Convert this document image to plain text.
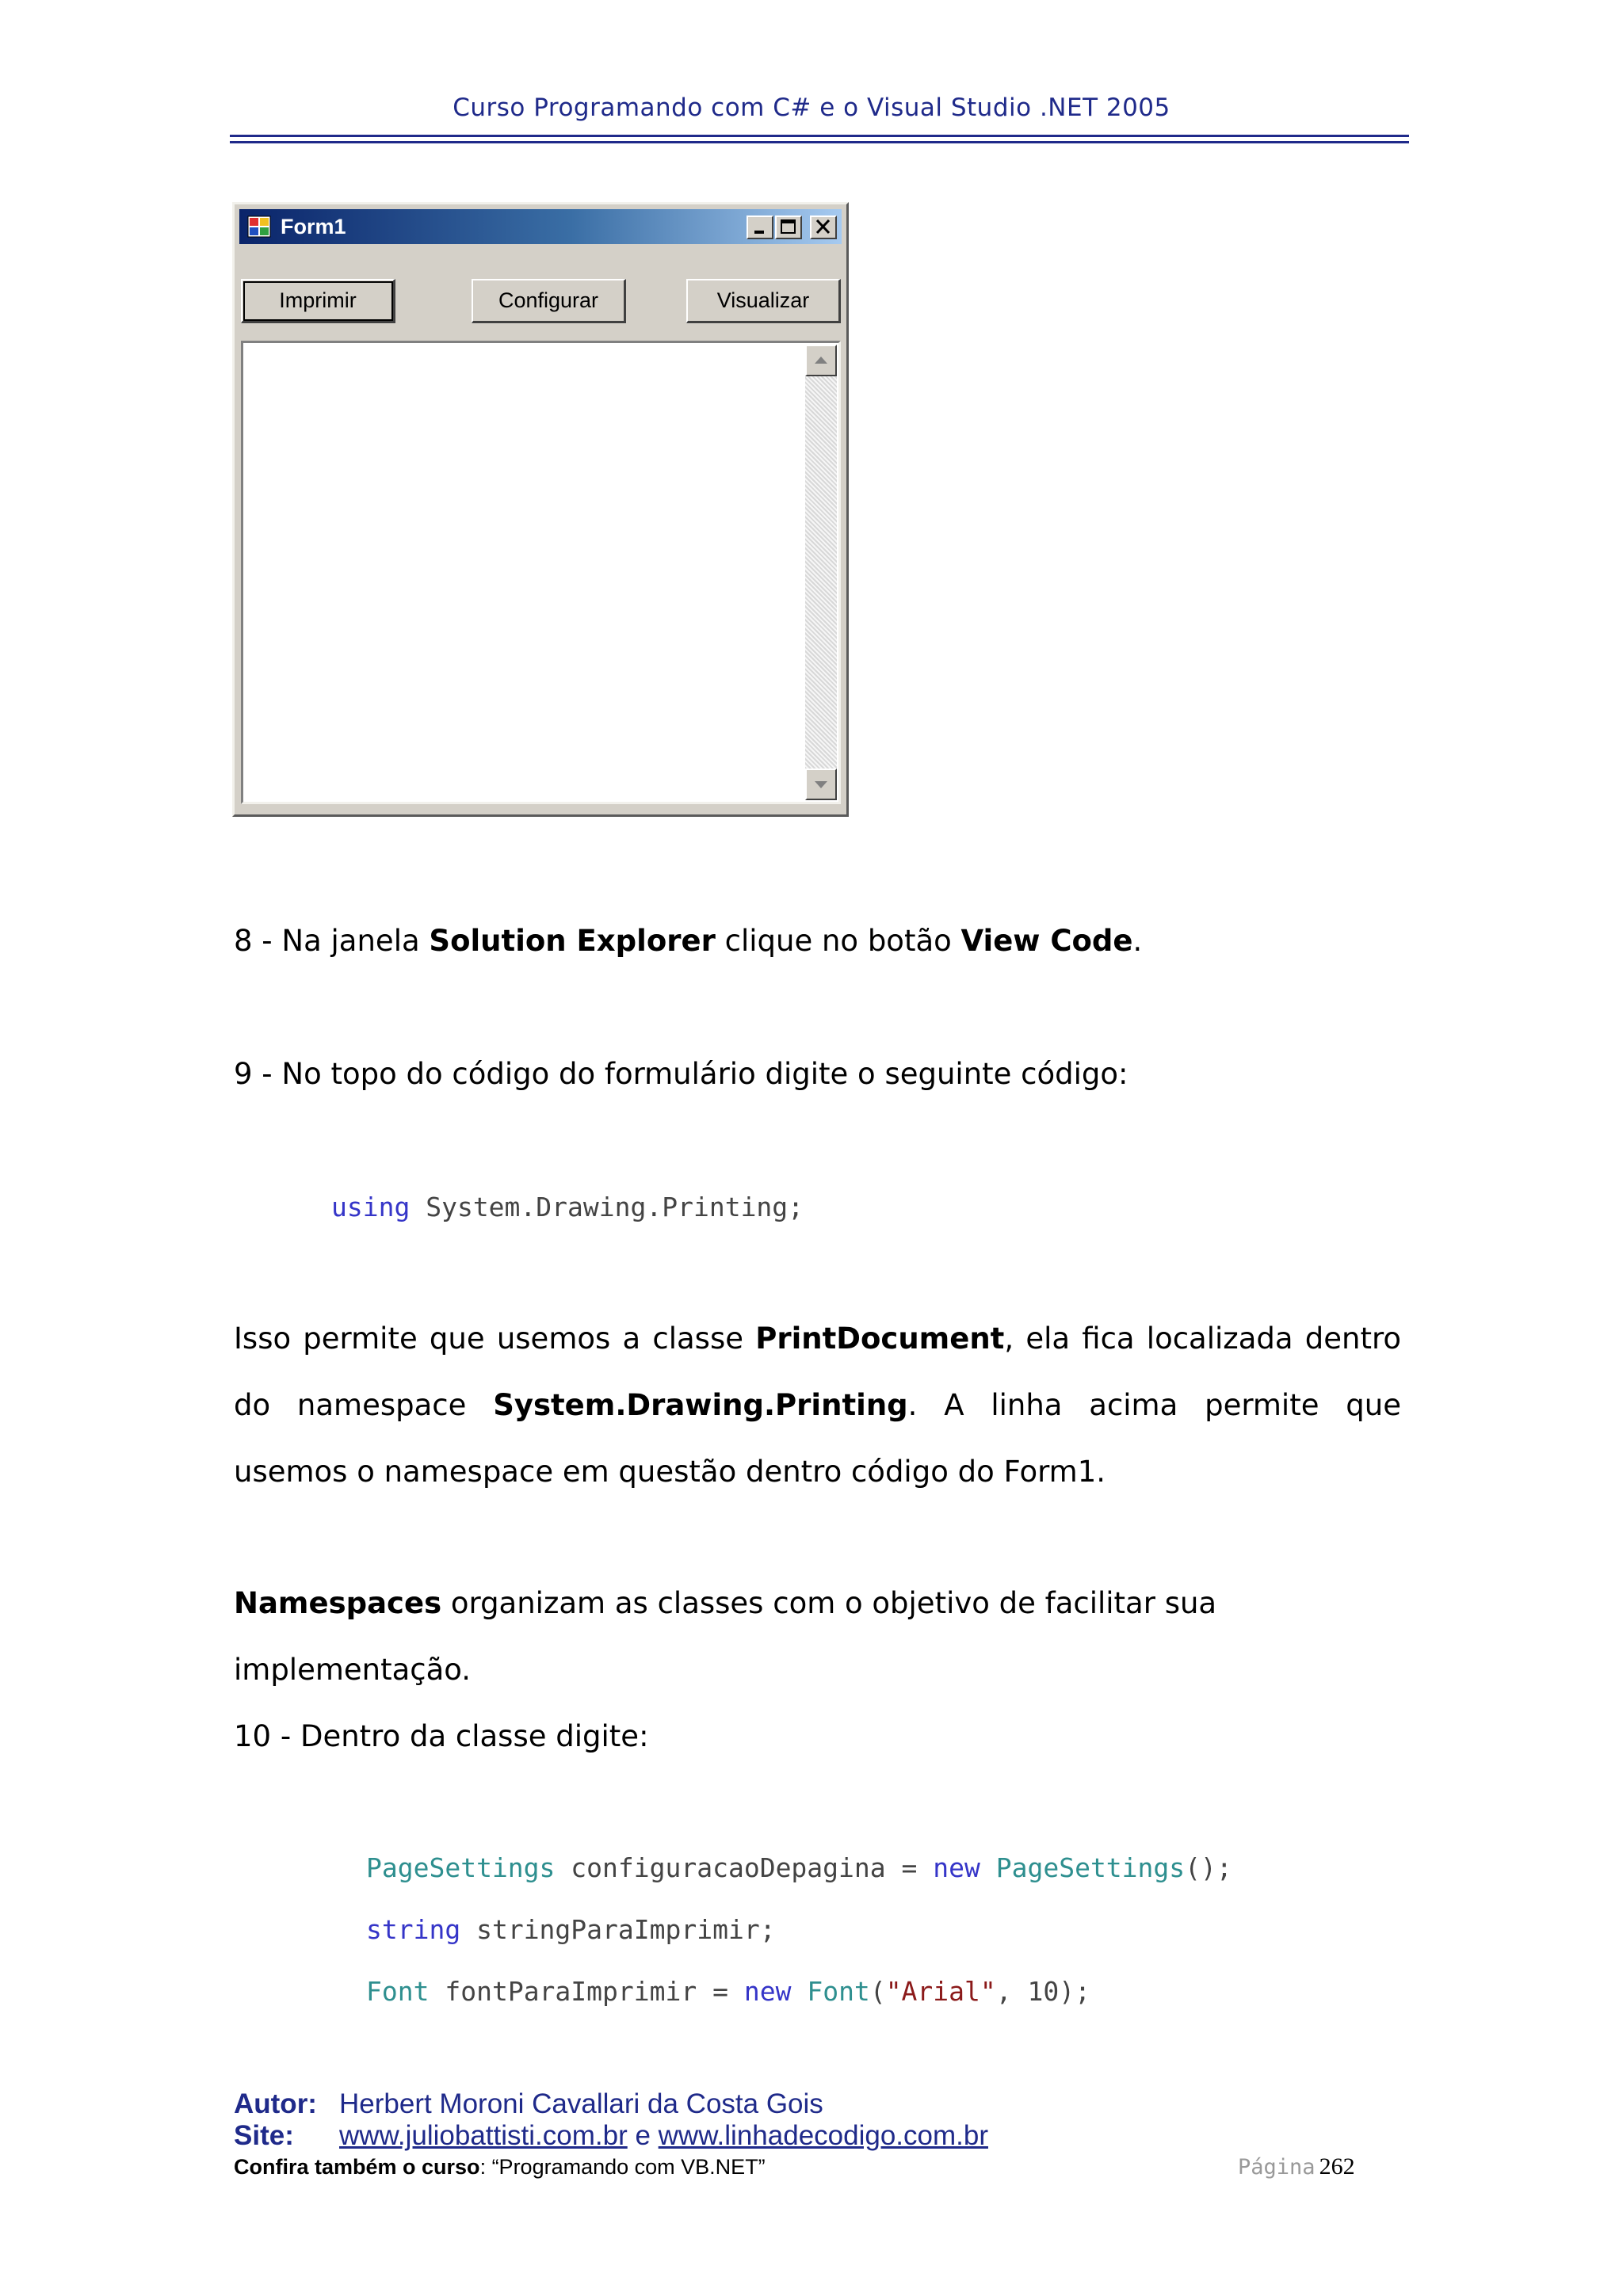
Curso Programando com C# e o Visual Studio .NET 2005
Form1
Imprimir	Configurar	Visualizar
8 - Na janela Solution Explorer clique no botão View Code.
9 - No topo do código do formulário digite o seguinte código:
using System.Drawing.Printing;
Isso permite que usemos a classe PrintDocument, ela fica localizada dentro do namespace System.Drawing.Printing. A linha acima permite que usemos o namespace em questão dentro código do Form1.
Namespaces organizam as classes com o objetivo de facilitar sua implementação.
10 - Dentro da classe digite:
PageSettings configuracaoDepagina = new PageSettings();
string stringParaImprimir;
Font fontParaImprimir = new Font("Arial", 10);
Autor: Herbert Moroni Cavallari da Costa Gois
Site: www.juliobattisti.com.br e www.linhadecodigo.com.br
Confira também o curso: “Programando com VB.NET”	Página 262
